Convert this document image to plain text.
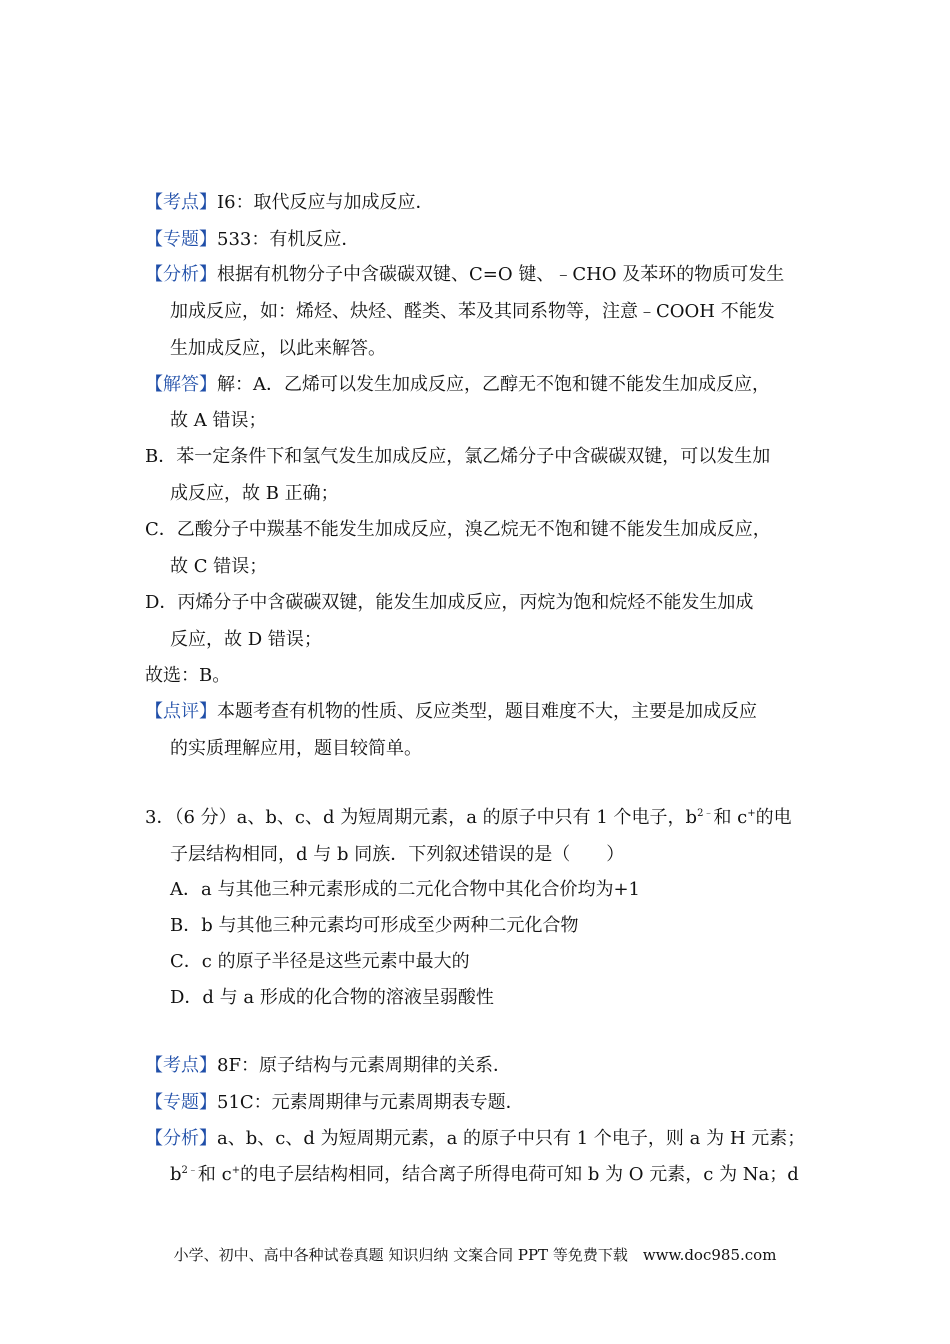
【考点】I6：取代反应与加成反应．
【专题】533：有机反应．
【分析】根据有机物分子中含碳碳双键、C=O 键、﹣CHO 及苯环的物质可发生
加成反应，如：烯烃、炔烃、醛类、苯及其同系物等，注意﹣COOH 不能发
生加成反应，以此来解答。
【解答】解：A．乙烯可以发生加成反应，乙醇无不饱和键不能发生加成反应，
故 A 错误；
B．苯一定条件下和氢气发生加成反应，氯乙烯分子中含碳碳双键，可以发生加
成反应，故 B 正确；
C．乙酸分子中羰基不能发生加成反应，溴乙烷无不饱和键不能发生加成反应，
故 C 错误；
D．丙烯分子中含碳碳双键，能发生加成反应，丙烷为饱和烷烃不能发生加成
反应，故 D 错误；
故选：B。
【点评】本题考查有机物的性质、反应类型，题目难度不大，主要是加成反应
的实质理解应用，题目较简单。
3．（6 分）a、b、c、d 为短周期元素，a 的原子中只有 1 个电子，$b^{2﹣}$和 c+的电
子层结构相同，d 与 b 同族．下列叙述错误的是（　　）
A．a 与其他三种元素形成的二元化合物中其化合价均为+1
B．b 与其他三种元素均可形成至少两种二元化合物
C．c 的原子半径是这些元素中最大的
D．d 与 a 形成的化合物的溶液呈弱酸性
【考点】8F：原子结构与元素周期律的关系．
【专题】51C：元素周期律与元素周期表专题．
【分析】a、b、c、d 为短周期元素，a 的原子中只有 1 个电子，则 a 为 H 元素；
$b^{2﹣}$和 c+的电子层结构相同，结合离子所得电荷可知 b 为 O 元素，c 为 Na；d
小学、初中、高中各种试卷真题 知识归纳 文案合同 PPT 等免费下载　www.doc985.com
